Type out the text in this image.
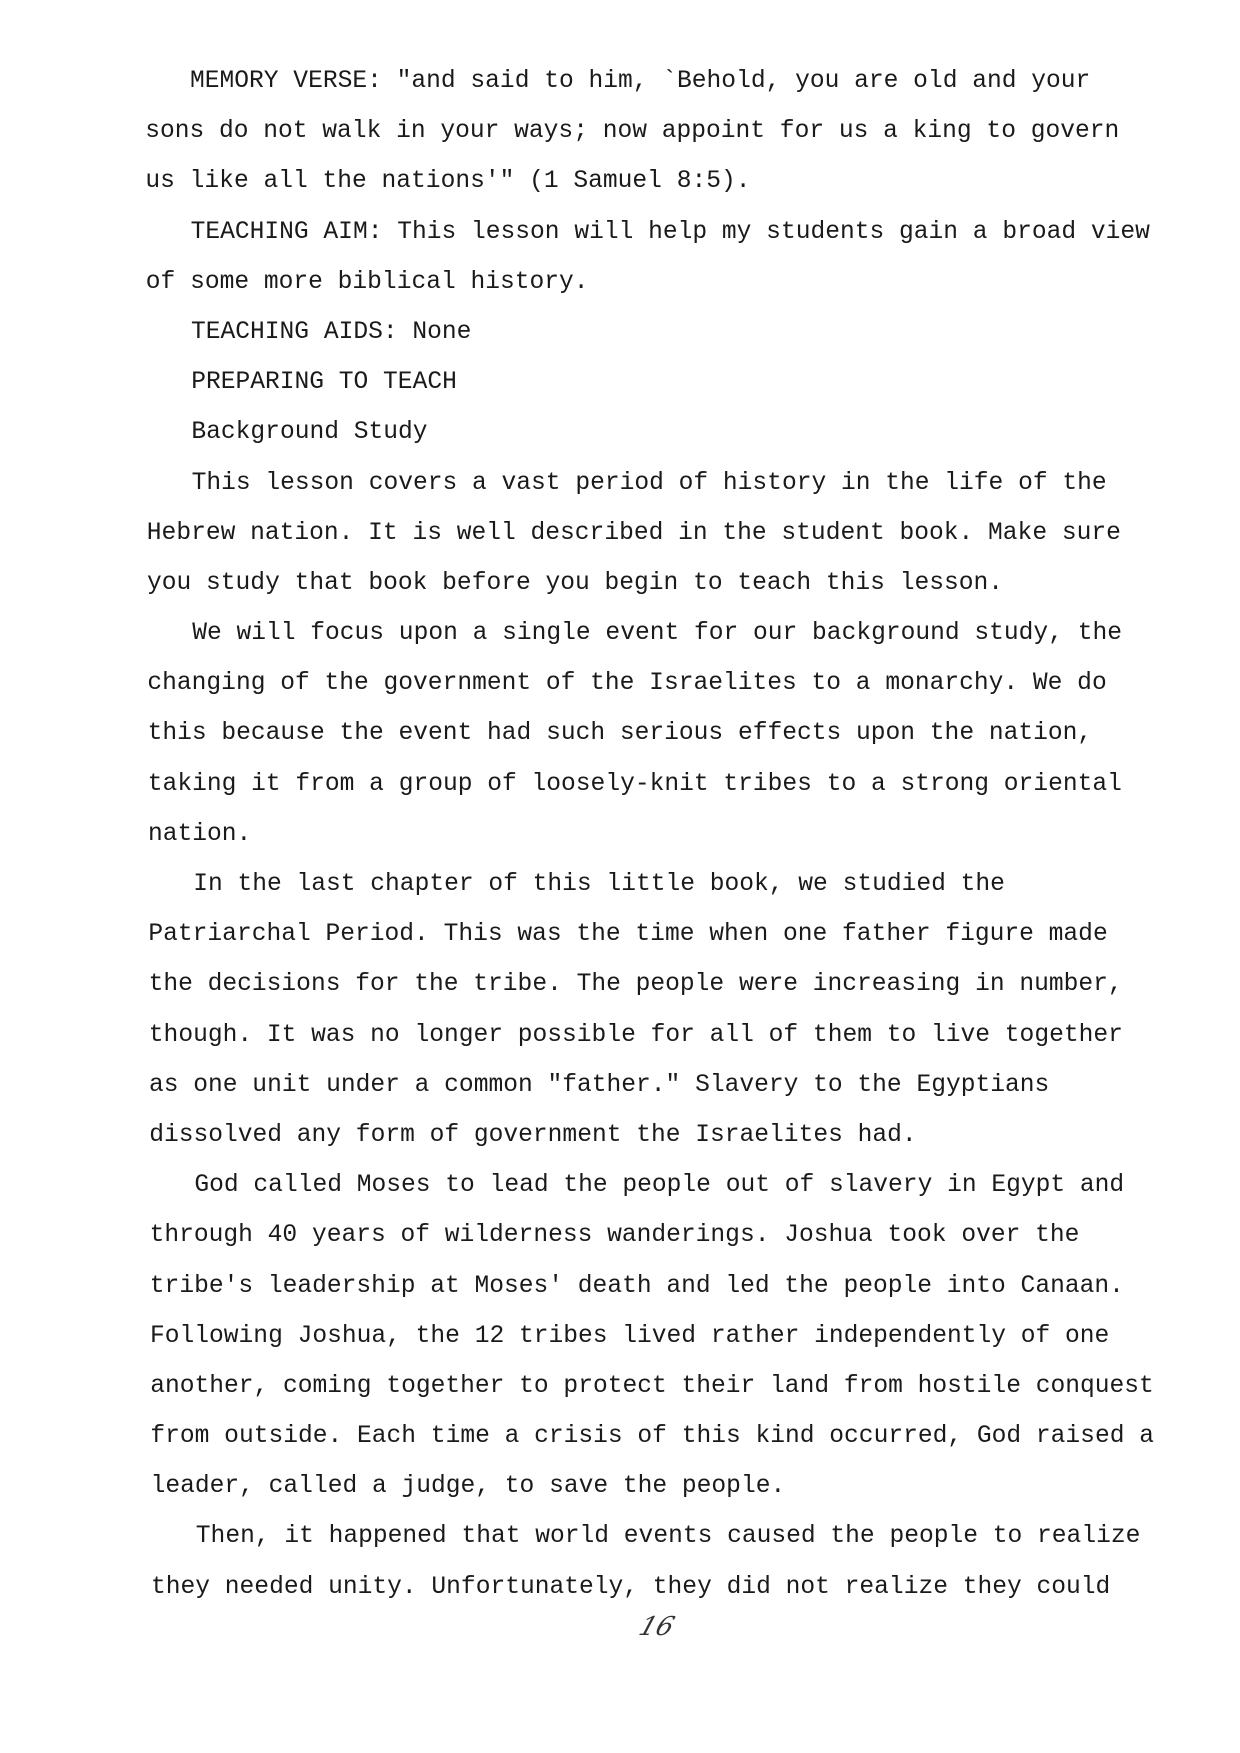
MEMORY VERSE: "and said to him, `Behold, you are old and your
sons do not walk in your ways; now appoint for us a king to govern
us like all the nations'" (1 Samuel 8:5).
TEACHING AIM: This lesson will help my students gain a broad view
of some more biblical history.
TEACHING AIDS: None
PREPARING TO TEACH
Background Study
This lesson covers a vast period of history in the life of the
Hebrew nation. It is well described in the student book. Make sure
you study that book before you begin to teach this lesson.
We will focus upon a single event for our background study, the
changing of the government of the Israelites to a monarchy. We do
this because the event had such serious effects upon the nation,
taking it from a group of loosely-knit tribes to a strong oriental
nation.
In the last chapter of this little book, we studied the
Patriarchal Period. This was the time when one father figure made
the decisions for the tribe. The people were increasing in number,
though. It was no longer possible for all of them to live together
as one unit under a common "father." Slavery to the Egyptians
dissolved any form of government the Israelites had.
God called Moses to lead the people out of slavery in Egypt and
through 40 years of wilderness wanderings. Joshua took over the
tribe's leadership at Moses' death and led the people into Canaan.
Following Joshua, the 12 tribes lived rather independently of one
another, coming together to protect their land from hostile conquest
from outside. Each time a crisis of this kind occurred, God raised a
leader, called a judge, to save the people.
Then, it happened that world events caused the people to realize
they needed unity. Unfortunately, they did not realize they could
16
